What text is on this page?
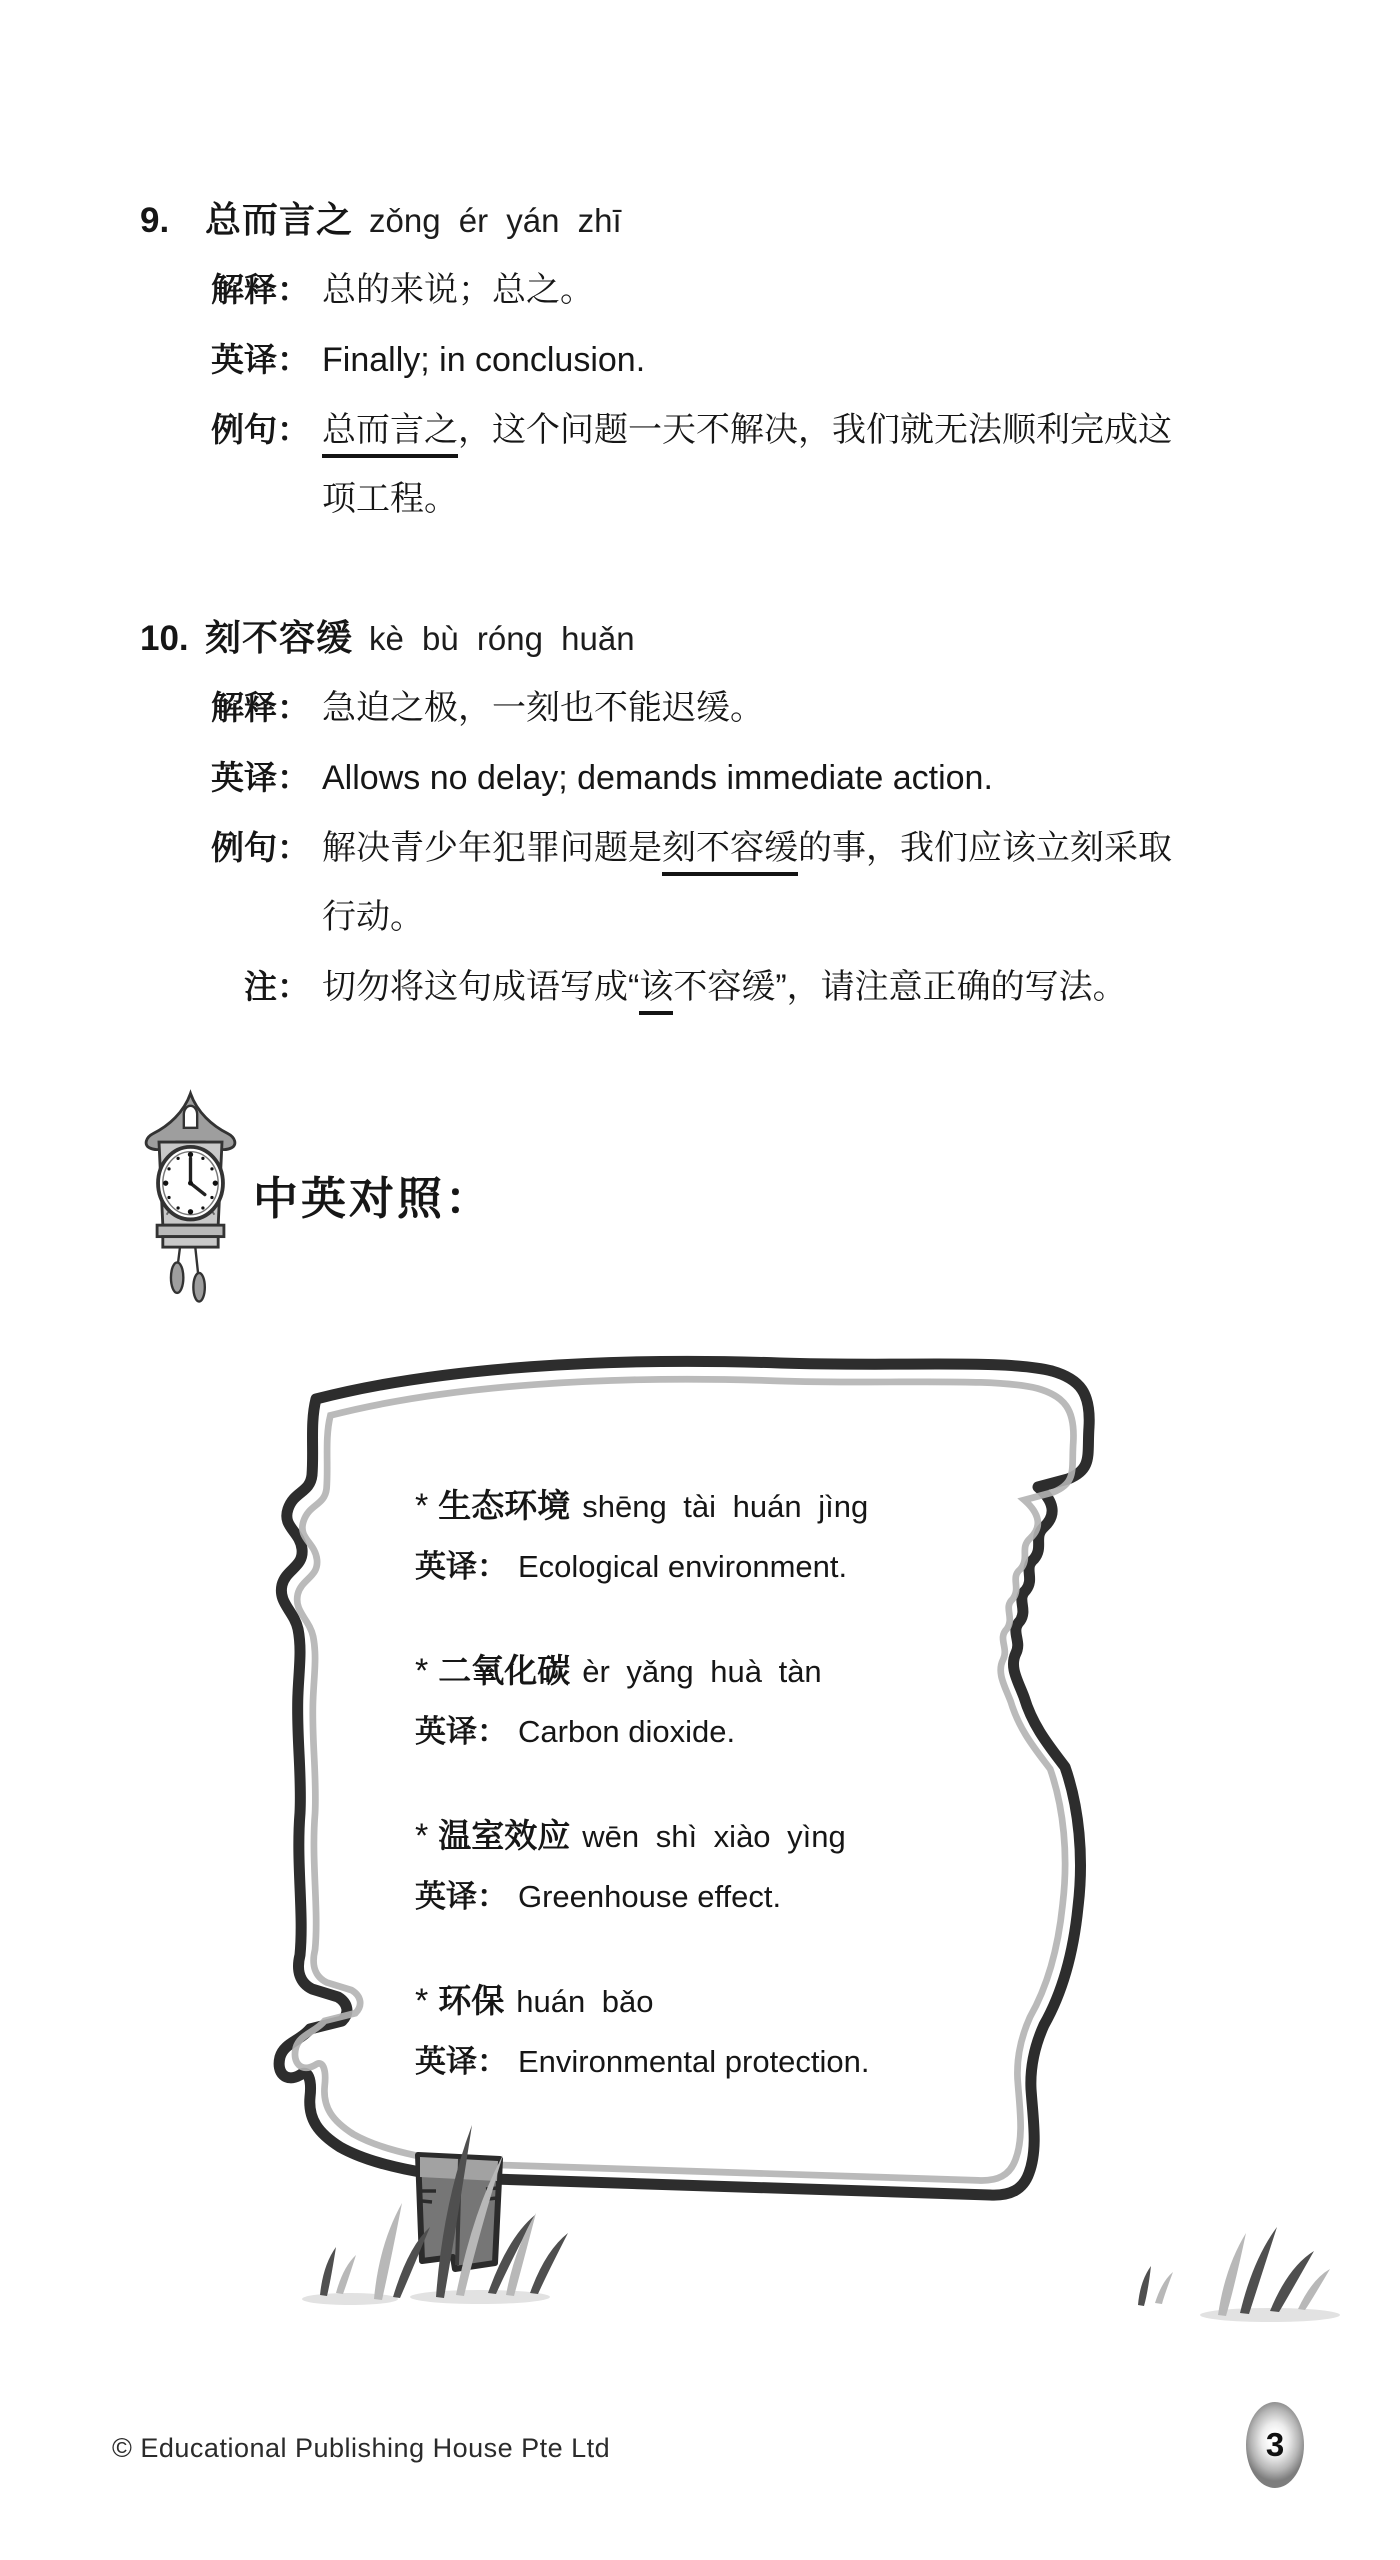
9. 总而言之 zǒng ér yán zhī
解释： 总的来说；总之。
英译： Finally; in conclusion.
例句： 总而言之，这个问题一天不解决，我们就无法顺利完成这
项工程。
10. 刻不容缓 kè bù róng huǎn
解释： 急迫之极，一刻也不能迟缓。
英译： Allows no delay; demands immediate action.
例句： 解决青少年犯罪问题是刻不容缓的事，我们应该立刻采取
行动。
注： 切勿将这句成语写成“该不容缓”，请注意正确的写法。
中英对照：
* 生态环境 shēng tài huán jìng
英译： Ecological environment.
* 二氧化碳 èr yǎng huà tàn
英译： Carbon dioxide.
* 温室效应 wēn shì xiào yìng
英译： Greenhouse effect.
* 环保 huán bǎo
英译： Environmental protection.
© Educational Publishing House Pte Ltd	3
